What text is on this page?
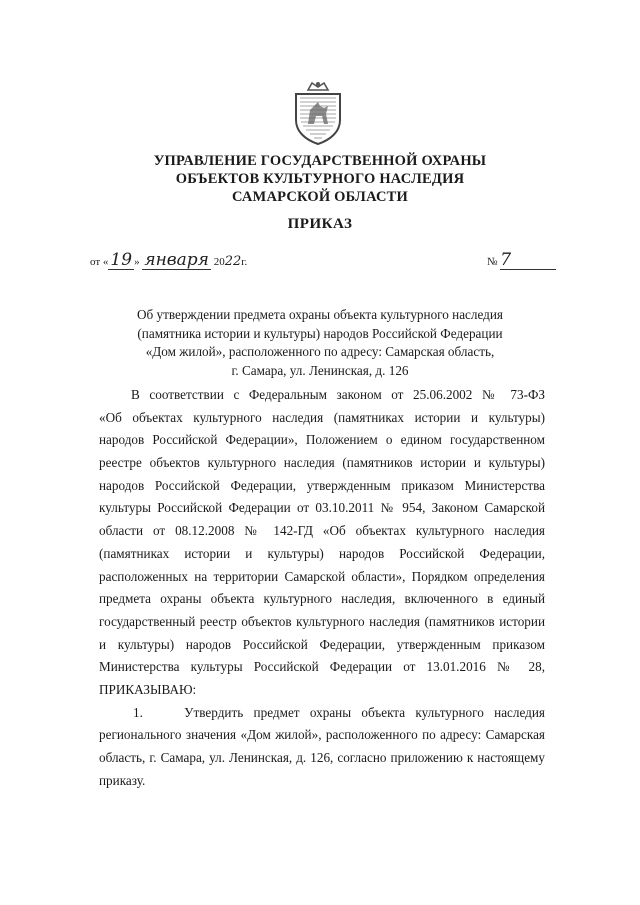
УПРАВЛЕНИЕ ГОСУДАРСТВЕННОЙ ОХРАНЫ
ОБЪЕКТОВ КУЛЬТУРНОГО НАСЛЕДИЯ
САМАРСКОЙ ОБЛАСТИ
ПРИКАЗ
от « 19 » января 2022г.	№ 7
Об утверждении предмета охраны объекта культурного наследия
(памятника истории и культуры) народов Российской Федерации
«Дом жилой», расположенного по адресу: Самарская область,
г. Самара, ул. Ленинская, д. 126
В соответствии с Федеральным законом от 25.06.2002 № 73-ФЗ
«Об объектах культурного наследия (памятниках истории и культуры)
народов Российской Федерации», Положением о едином государственном
реестре объектов культурного наследия (памятников истории и культуры)
народов Российской Федерации, утвержденным приказом Министерства
культуры Российской Федерации от 03.10.2011 № 954, Законом Самарской
области от 08.12.2008 № 142-ГД «Об объектах культурного наследия
(памятниках истории и культуры) народов Российской Федерации,
расположенных на территории Самарской области», Порядком определения
предмета охраны объекта культурного наследия, включенного в единый
государственный реестр объектов культурного наследия (памятников истории
и культуры) народов Российской Федерации, утвержденным приказом
Министерства культуры Российской Федерации от 13.01.2016 № 28,
ПРИКАЗЫВАЮ:
1.    Утвердить предмет охраны объекта культурного наследия
регионального значения «Дом жилой», расположенного по адресу: Самарская
область, г. Самара, ул. Ленинская, д. 126, согласно приложению к настоящему
приказу.
